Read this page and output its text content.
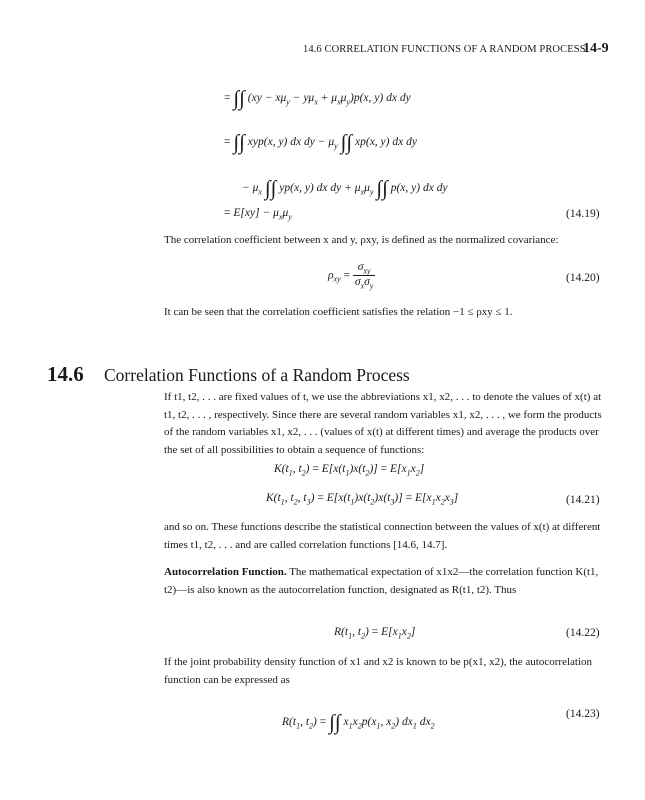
14.6 CORRELATION FUNCTIONS OF A RANDOM PROCESS
14-9
= ∫∫ $(xy - x\mu_y - y\mu_x + \mu_x\mu_y)p(x$, y) dx dy
= ∫∫ xyp(x, y) dx dy − $\mu_y$ ∫∫ xp(x, y) dx dy
− $\mu_x$ ∫∫ yp(x, y) dx dy + $\mu_x\mu_y$ ∫∫ p(x, y) dx dy
= $E[xy] - \mu_x\mu_y$	(14.19)
The correlation coefficient between x and y, ρxy, is defined as the normalized covariance:
$\rho_{xy} = \frac{\sigma_{xy}}{\sigma_x\sigma_y}$	(14.20)
It can be seen that the correlation coefficient satisfies the relation −1 ≤ ρxy ≤ 1.
14.6 Correlation Functions of a Random Process
If t1, t2, . . . are fixed values of t, we use the abbreviations x1, x2, . . . to denote the values of x(t) at t1, t2, . . . , respectively. Since there are several random variables x1, x2, . . . , we form the products of the random variables x1, x2, . . . (values of x(t) at different times) and average the products over the set of all possibilities to obtain a sequence of functions:
$K(t_1$, $t_2) = E[x(t_1)x(t_2)] = E[x_1x_2]$
$K(t_1$, $t_2$, $t_3) = E[x(t_1)x(t_2)x(t_3)] = E[x_1x_2x_3]$	(14.21)
and so on. These functions describe the statistical connection between the values of x(t) at different times t1, t2, . . . and are called correlation functions [14.6, 14.7].
Autocorrelation Function. The mathematical expectation of x1x2—the correlation function K(t1, t2)—is also known as the autocorrelation function, designated as R(t1, t2). Thus
$R(t_1$, $t_2) = E[x_1x_2]$	(14.22)
If the joint probability density function of x1 and x2 is known to be p(x1, x2), the autocorrelation function can be expressed as
$R(t_1$, $t_2$) = ∫∫ $x_1x_2p(x_1$, $x_2$) $dx_1$ $dx_2$
(14.23)
